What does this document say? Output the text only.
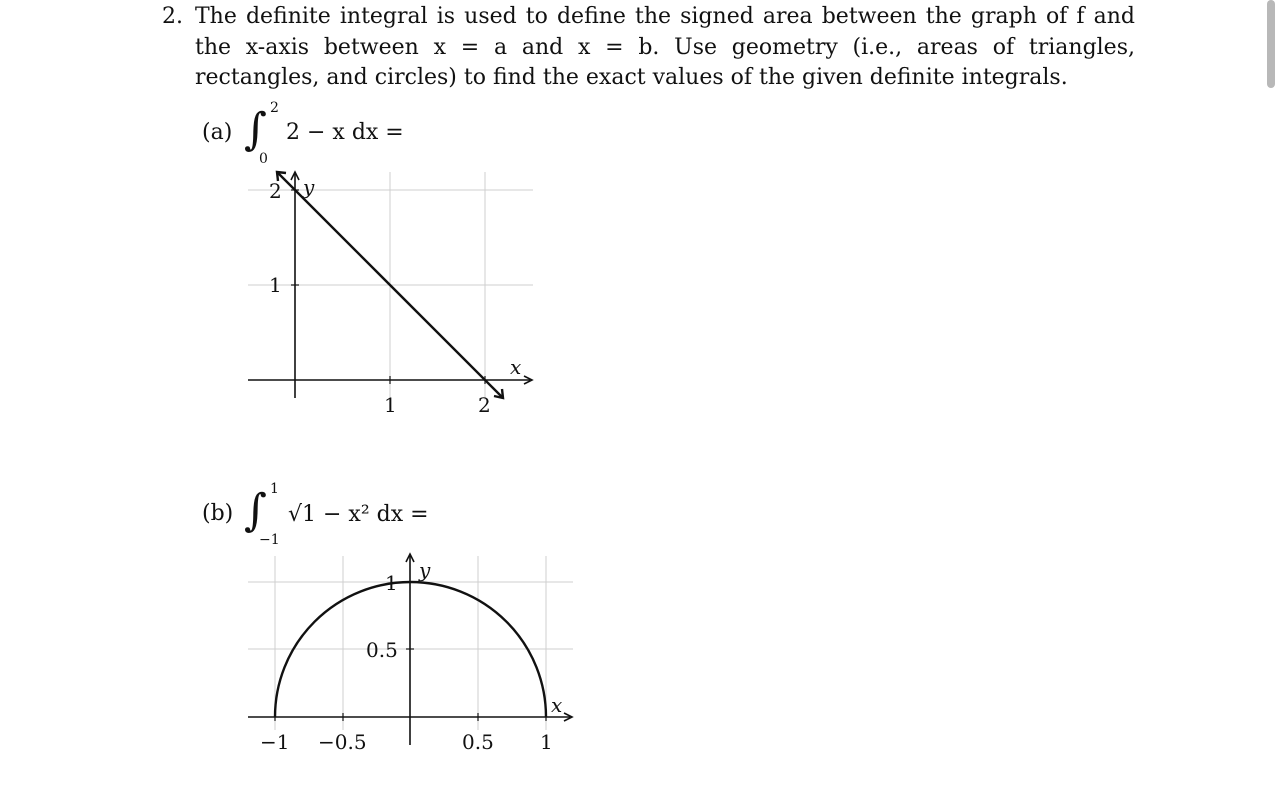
2. The definite integral is used to define the signed area between the graph of f and the x-axis between x = a and x = b. Use geometry (i.e., areas of triangles, rectangles, and circles) to find the exact values of the given definite integrals.
(a) ∫ 2
0
2 − x dx =
x
y
1	2
1
2
(b) ∫ 1
−1
√1 − x² dx =
x
y
−1 −0.5	0.5 1
0.5
1
